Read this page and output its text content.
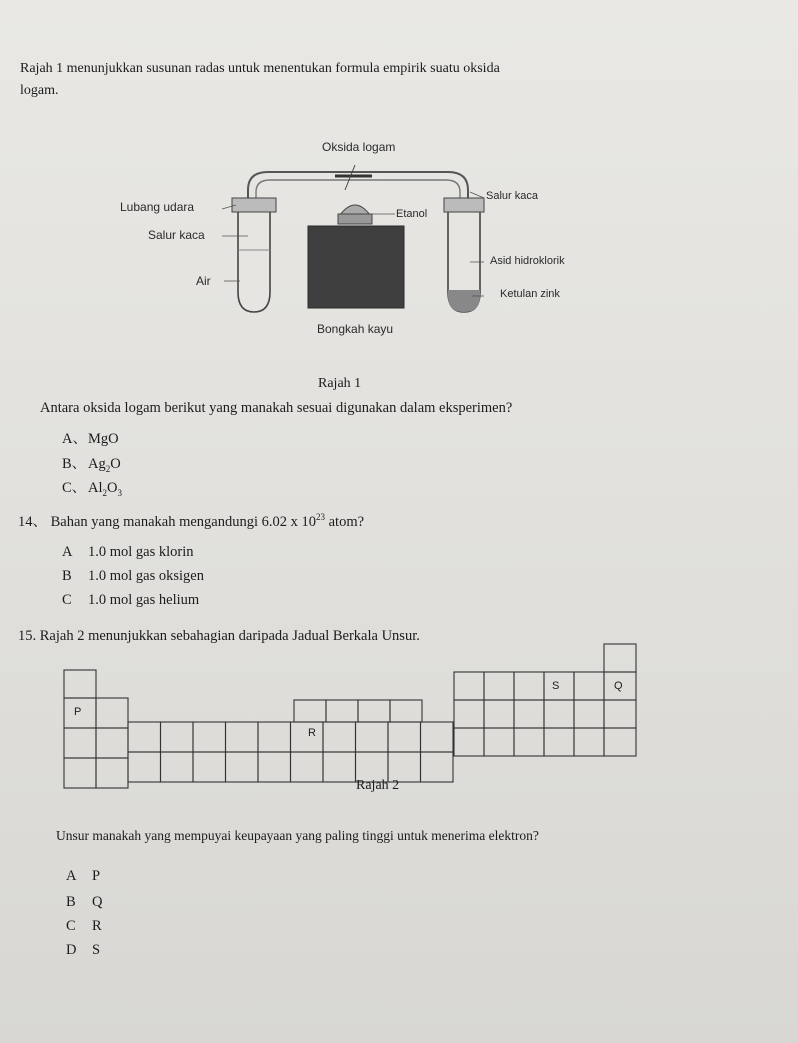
Rajah 1 menunjukkan susunan radas untuk menentukan formula empirik suatu oksida
logam.
Oksida logam
Lubang udara
Salur kaca
Air
Etanol
Salur kaca
Asid hidroklorik
Ketulan zink
Bongkah kayu
Rajah 1
Antara oksida logam berikut yang manakah sesuai digunakan dalam eksperimen?
A、MgO
B、 $Ag_2O$
C、 $Al_2O_3$
14、 Bahan yang manakah mengandungi 6.02 x $10^{23}$ atom?
A 1.0 mol gas klorin
B 1.0 mol gas oksigen
C 1.0 mol gas helium
15. Rajah 2 menunjukkan sebahagian daripada Jadual Berkala Unsur.
P
Q
R
S
Rajah 2
Unsur manakah yang mempuyai keupayaan yang paling tinggi untuk menerima elektron?
A P
B Q
C R
D S
